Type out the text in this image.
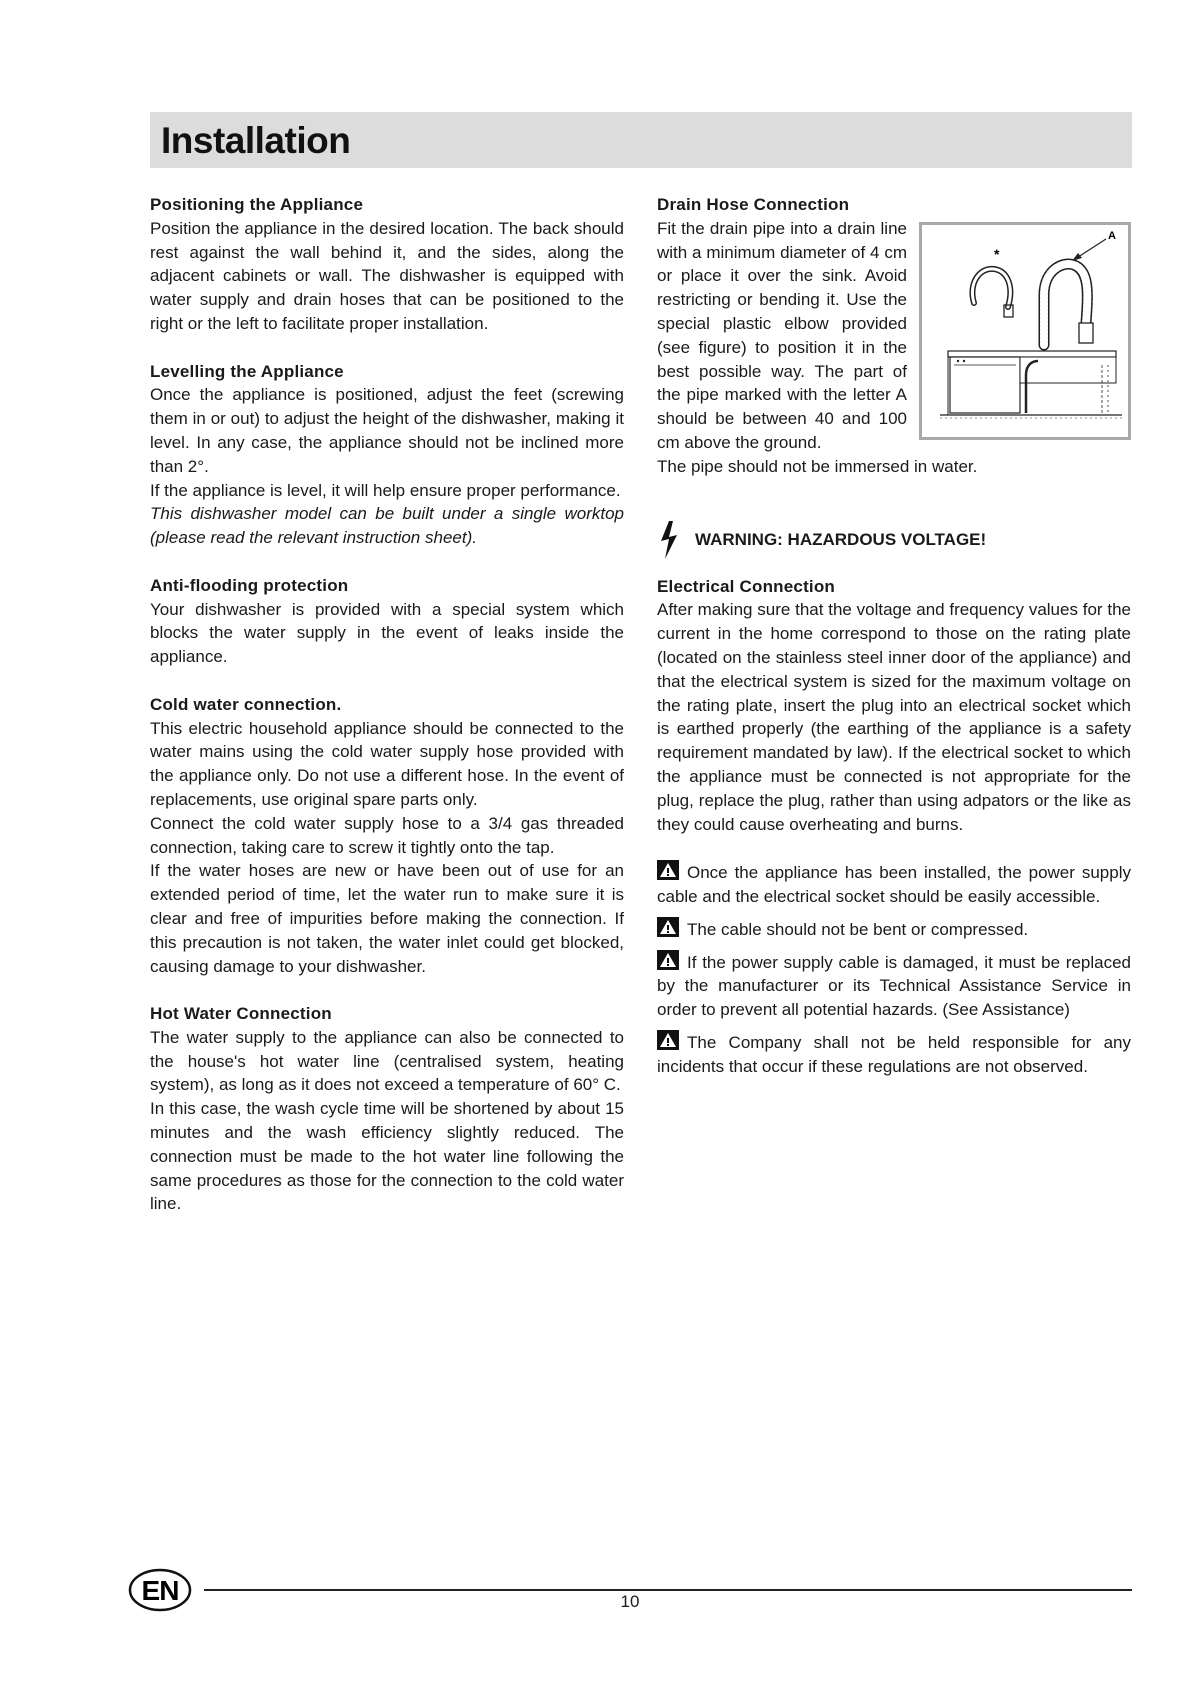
Installation
Positioning the Appliance

Position the appliance in the desired location. The back should rest against the wall behind it, and the sides, along the adjacent cabinets or wall. The dishwasher is equipped with water supply and drain hoses that can be positioned to the right or the left to facilitate proper installation.

Levelling the Appliance

Once the appliance is positioned, adjust the feet (screwing them in or out) to adjust the height of the dishwasher, making it level. In any case, the appliance should not be inclined more than 2°.

If the appliance is level, it will help ensure proper performance.

This dishwasher model can be built under a single worktop (please read the relevant instruction sheet).

Anti-flooding protection

Your dishwasher is provided with a special system which blocks the water supply in the event of leaks inside the appliance.

Cold water connection.

This electric household appliance should be connected to the water mains using the cold water supply hose provided with the appliance only. Do not use a different hose. In the event of replacements, use original spare parts only.

Connect the cold water supply hose to a 3/4 gas threaded connection, taking care to screw it tightly onto the tap.

If the water hoses are new or have been out of use for an extended period of time, let the water run to make sure it is clear and free of impurities before making the connection. If this precaution is not taken, the water inlet could get blocked, causing damage to your dishwasher.

Hot Water Connection

The water supply to the appliance can also be connected to the house's hot water line (centralised system, heating system), as long as it does not exceed a temperature of 60° C.

In this case, the wash cycle time will be shortened by about 15 minutes and the wash efficiency slightly reduced. The connection must be made to the hot water line following the same procedures as those for the connection to the cold water line.

Drain Hose Connection
A
*

Fit the drain pipe into a drain line with a minimum diameter of 4 cm or place it over the sink. Avoid restricting or bending it. Use the special plastic elbow provided (see figure) to position it in the best possible way. The part of the pipe marked with the letter A should be between 40 and 100 cm above the ground.

The pipe should not be immersed in water.

WARNING: HAZARDOUS VOLTAGE!
Electrical Connection

After making sure that the voltage and frequency values for the current in the home correspond to those on the rating plate (located on the stainless steel inner door of the appliance) and that the electrical system is sized for the maximum voltage on the rating plate, insert the plug into an electrical socket which is earthed properly (the earthing of the appliance is a safety requirement mandated by law). If the electrical socket to which the appliance must be connected is not appropriate for the plug, replace the plug, rather than using adpators or the like as they could cause overheating and burns.

Once the appliance has been installed, the power supply cable and the electrical socket should be easily accessible.

The cable should not be bent or compressed.

If the power supply cable is damaged, it must be replaced by the manufacturer or its Technical Assistance Service in order to prevent all potential hazards. (See Assistance)

The Company shall not be held responsible for any incidents that occur if these regulations are not observed.

EN	10
